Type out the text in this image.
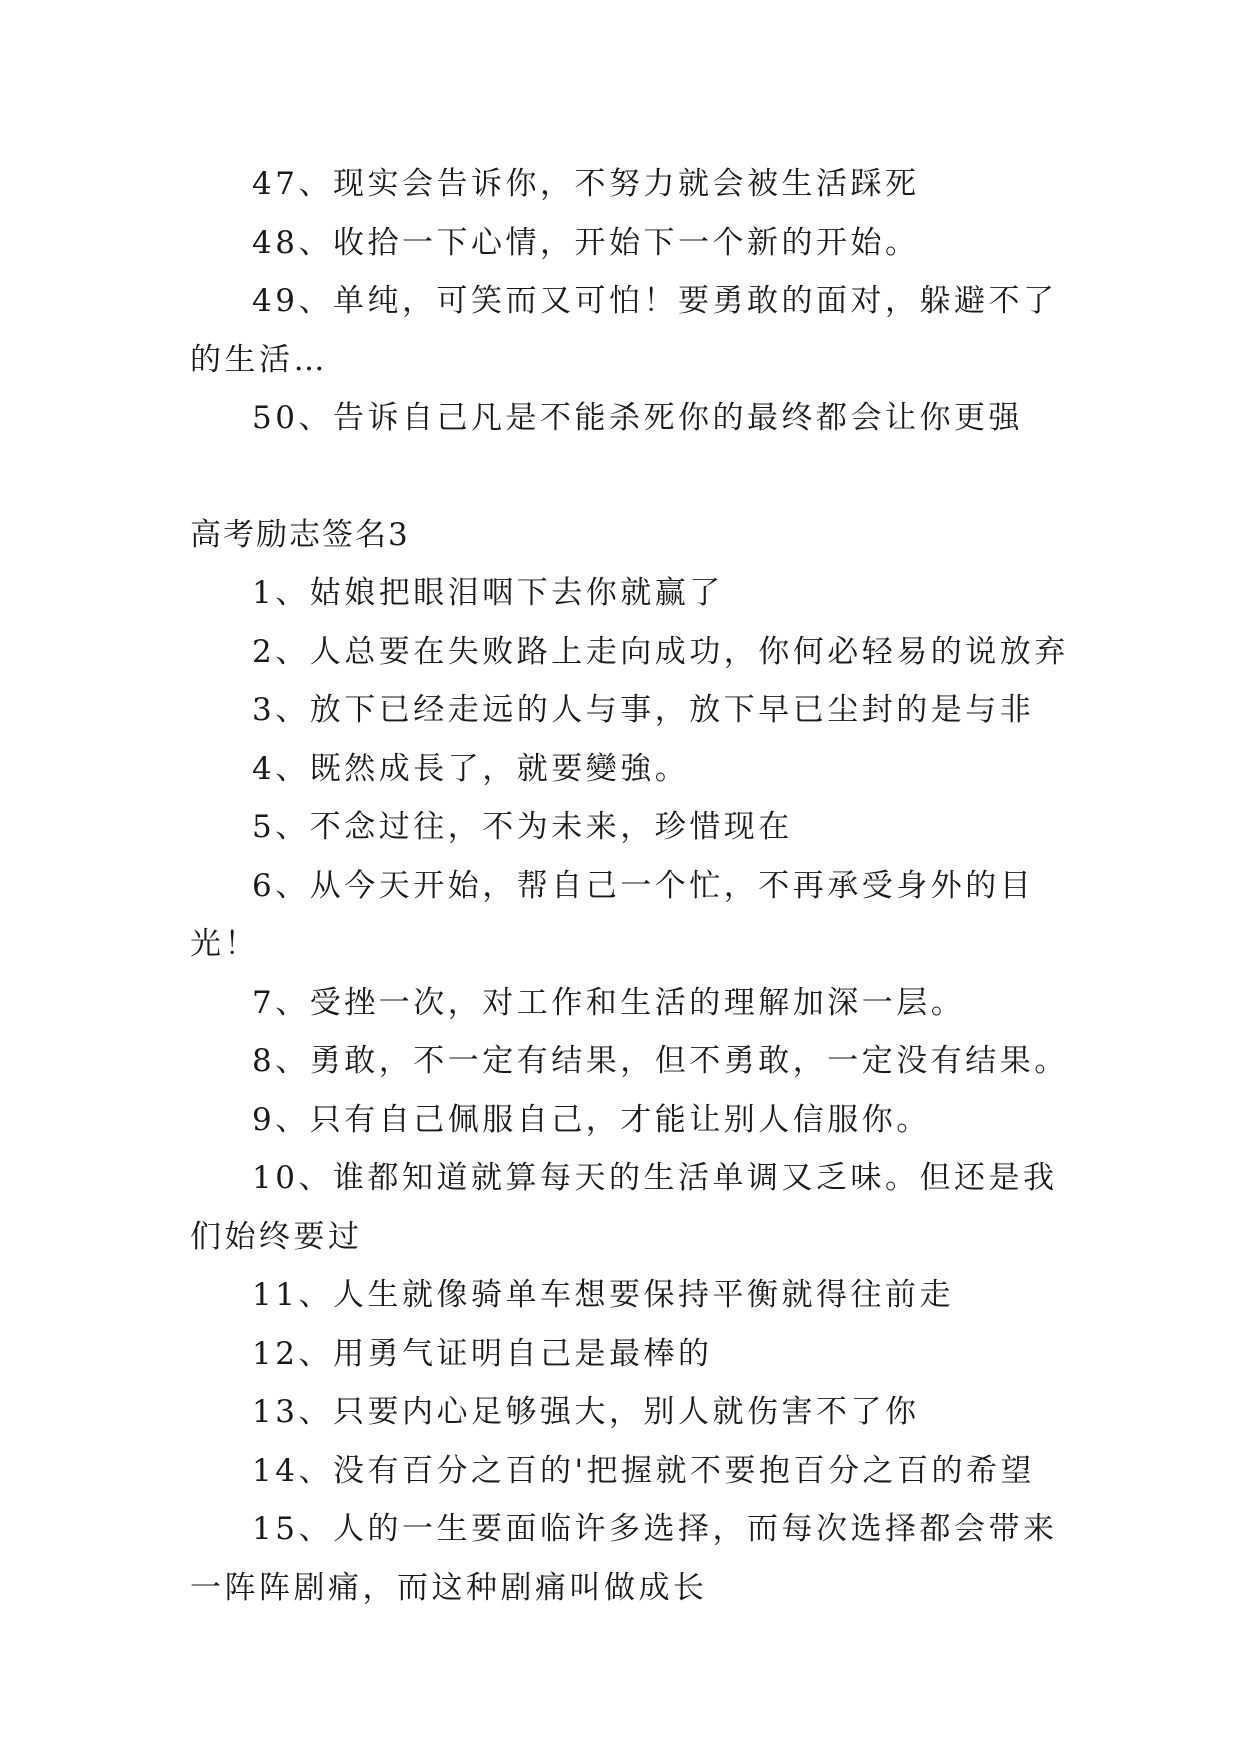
47、现实会告诉你，不努力就会被生活踩死

48、收拾一下心情，开始下一个新的开始。

49、单纯，可笑而又可怕！要勇敢的面对，躲避不了的生活…

50、告诉自己凡是不能杀死你的最终都会让你更强

高考励志签名3

1、姑娘把眼泪咽下去你就赢了

2、人总要在失败路上走向成功，你何必轻易的说放弃

3、放下已经走远的人与事，放下早已尘封的是与非

4、既然成長了，就要變強。

5、不念过往，不为未来，珍惜现在

6、从今天开始，帮自己一个忙，不再承受身外的目光！

7、受挫一次，对工作和生活的理解加深一层。

8、勇敢，不一定有结果，但不勇敢，一定没有结果。

9、只有自己佩服自己，才能让别人信服你。

10、谁都知道就算每天的生活单调又乏味。但还是我们始终要过

11、人生就像骑单车想要保持平衡就得往前走

12、用勇气证明自己是最棒的

13、只要内心足够强大，别人就伤害不了你

14、没有百分之百的'把握就不要抱百分之百的希望

15、人的一生要面临许多选择，而每次选择都会带来一阵阵剧痛，而这种剧痛叫做成长
